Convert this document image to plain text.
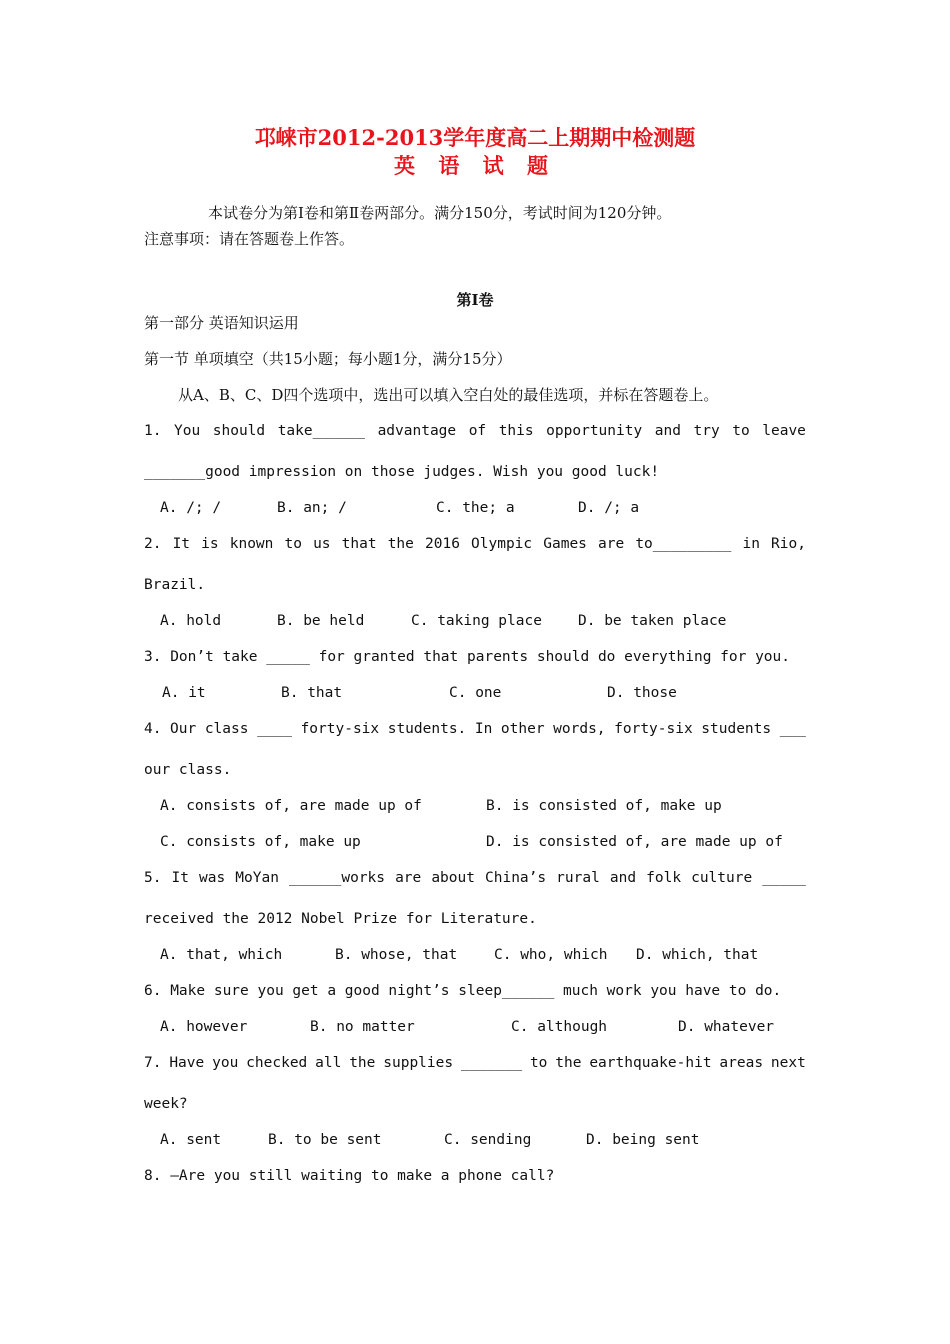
邛崃市2012-2013学年度高二上期期中检测题
英 语 试 题
本试卷分为第Ⅰ卷和第Ⅱ卷两部分。满分150分，考试时间为120分钟。
注意事项：请在答题卷上作答。
第Ⅰ卷
第一部分 英语知识运用
第一节 单项填空（共15小题；每小题1分，满分15分）
从A、B、C、D四个选项中，选出可以填入空白处的最佳选项，并标在答题卷上。
1. You should take______ advantage of this opportunity and try to leave
_______good impression on those judges. Wish you good luck!
A. /; /	B. an; /	C. the; a	D. /; a
2. It is known to us that the 2016 Olympic Games are to_________ in Rio,
Brazil.
A. hold	B. be held	C. taking place D. be taken place
3. Don’t take _____ for granted that parents should do everything for you.
A. it	B. that	C. one	D. those
4. Our class ____ forty-six students. In other words, forty-six students ___
our class.
A. consists of, are made up of	B. is consisted of, make up
C. consists of, make up	D. is consisted of, are made up of
5. It was MoYan ______works are about China’s rural and folk culture _____
received the 2012 Nobel Prize for Literature.
A. that, which	B. whose, that	C. who, which D. which, that
6. Make sure you get a good night’s sleep______ much work you have to do.
A. however	B. no matter	C. although	D. whatever
7. Have you checked all the supplies _______ to the earthquake-hit areas next
week?
A. sent	B. to be sent	C. sending	D. being sent
8. —Are you still waiting to make a phone call?
